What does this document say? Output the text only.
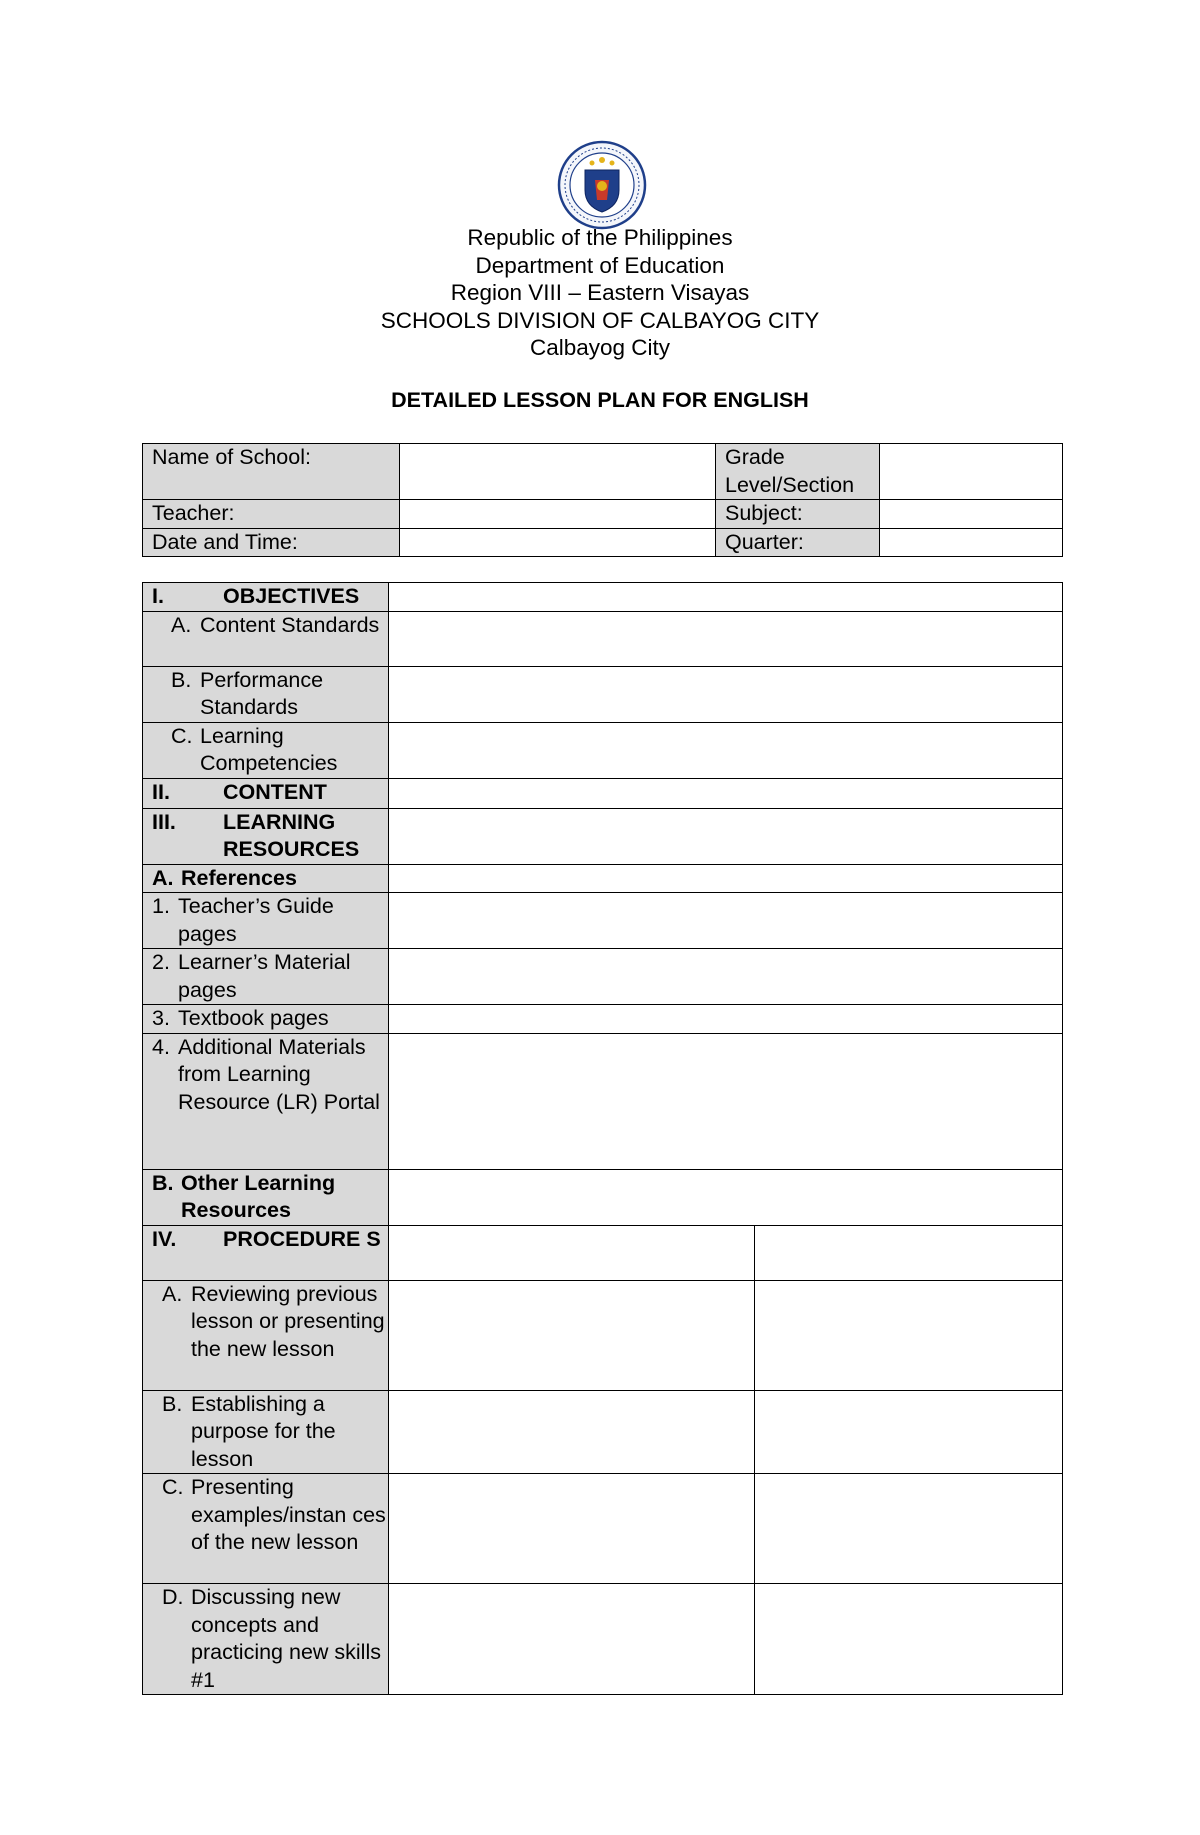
Republic of the Philippines
Department of Education
Region VIII – Eastern Visayas
SCHOOLS DIVISION OF CALBAYOG CITY
Calbayog City
DETAILED LESSON PLAN FOR ENGLISH
Name of School:		Grade Level/Section	
Teacher:		Subject:	
Date and Time:		Quarter:	
I. OBJECTIVES		

A. Content Standards		

B. Performance Standards		

C. Learning Competencies		

II. CONTENT		

III. LEARNING RESOURCES		

A. References		

1. Teacher’s Guide pages		

2. Learner’s Material pages		

3. Textbook pages		

4. Additional Materials from Learning Resource (LR) Portal		

B. Other Learning Resources		

IV. PROCEDURE S		

A. Reviewing previous lesson or presenting the new lesson		

B. Establishing a purpose for the lesson		

C. Presenting examples/instan ces of the new lesson		

D. Discussing new concepts and practicing new skills #1		
